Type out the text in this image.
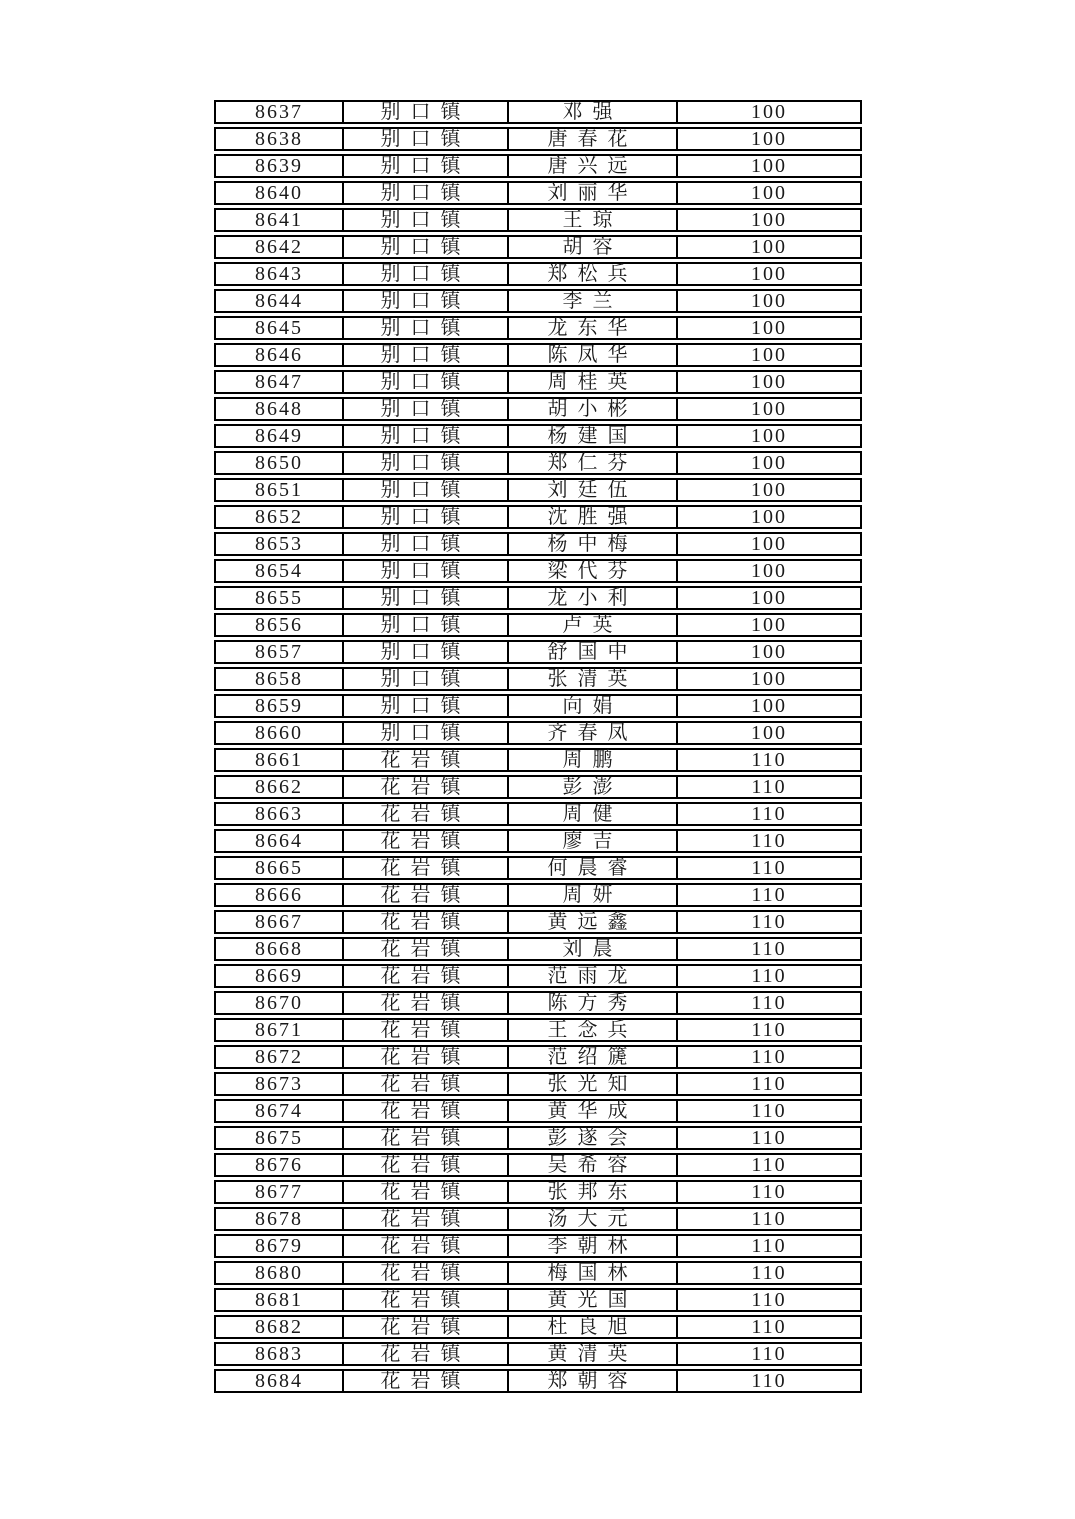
8637	别口镇	邓强	100
8638	别口镇	唐春花	100
8639	别口镇	唐兴远	100
8640	别口镇	刘丽华	100
8641	别口镇	王琼	100
8642	别口镇	胡容	100
8643	别口镇	郑松兵	100
8644	别口镇	李兰	100
8645	别口镇	龙东华	100
8646	别口镇	陈凤华	100
8647	别口镇	周桂英	100
8648	别口镇	胡小彬	100
8649	别口镇	杨建国	100
8650	别口镇	郑仁芬	100
8651	别口镇	刘廷伍	100
8652	别口镇	沈胜强	100
8653	别口镇	杨中梅	100
8654	别口镇	梁代芬	100
8655	别口镇	龙小利	100
8656	别口镇	卢英	100
8657	别口镇	舒国中	100
8658	别口镇	张清英	100
8659	别口镇	向娟	100
8660	别口镇	齐春凤	100
8661	花岩镇	周鹏	110
8662	花岩镇	彭澎	110
8663	花岩镇	周健	110
8664	花岩镇	廖吉	110
8665	花岩镇	何晨睿	110
8666	花岩镇	周妍	110
8667	花岩镇	黄远鑫	110
8668	花岩镇	刘晨	110
8669	花岩镇	范雨龙	110
8670	花岩镇	陈方秀	110
8671	花岩镇	王念兵	110
8672	花岩镇	范绍篪	110
8673	花岩镇	张光知	110
8674	花岩镇	黄华成	110
8675	花岩镇	彭遂会	110
8676	花岩镇	吴希容	110
8677	花岩镇	张邦东	110
8678	花岩镇	汤大元	110
8679	花岩镇	李朝林	110
8680	花岩镇	梅国林	110
8681	花岩镇	黄光国	110
8682	花岩镇	杜良旭	110
8683	花岩镇	黄清英	110
8684	花岩镇	郑朝容	110
